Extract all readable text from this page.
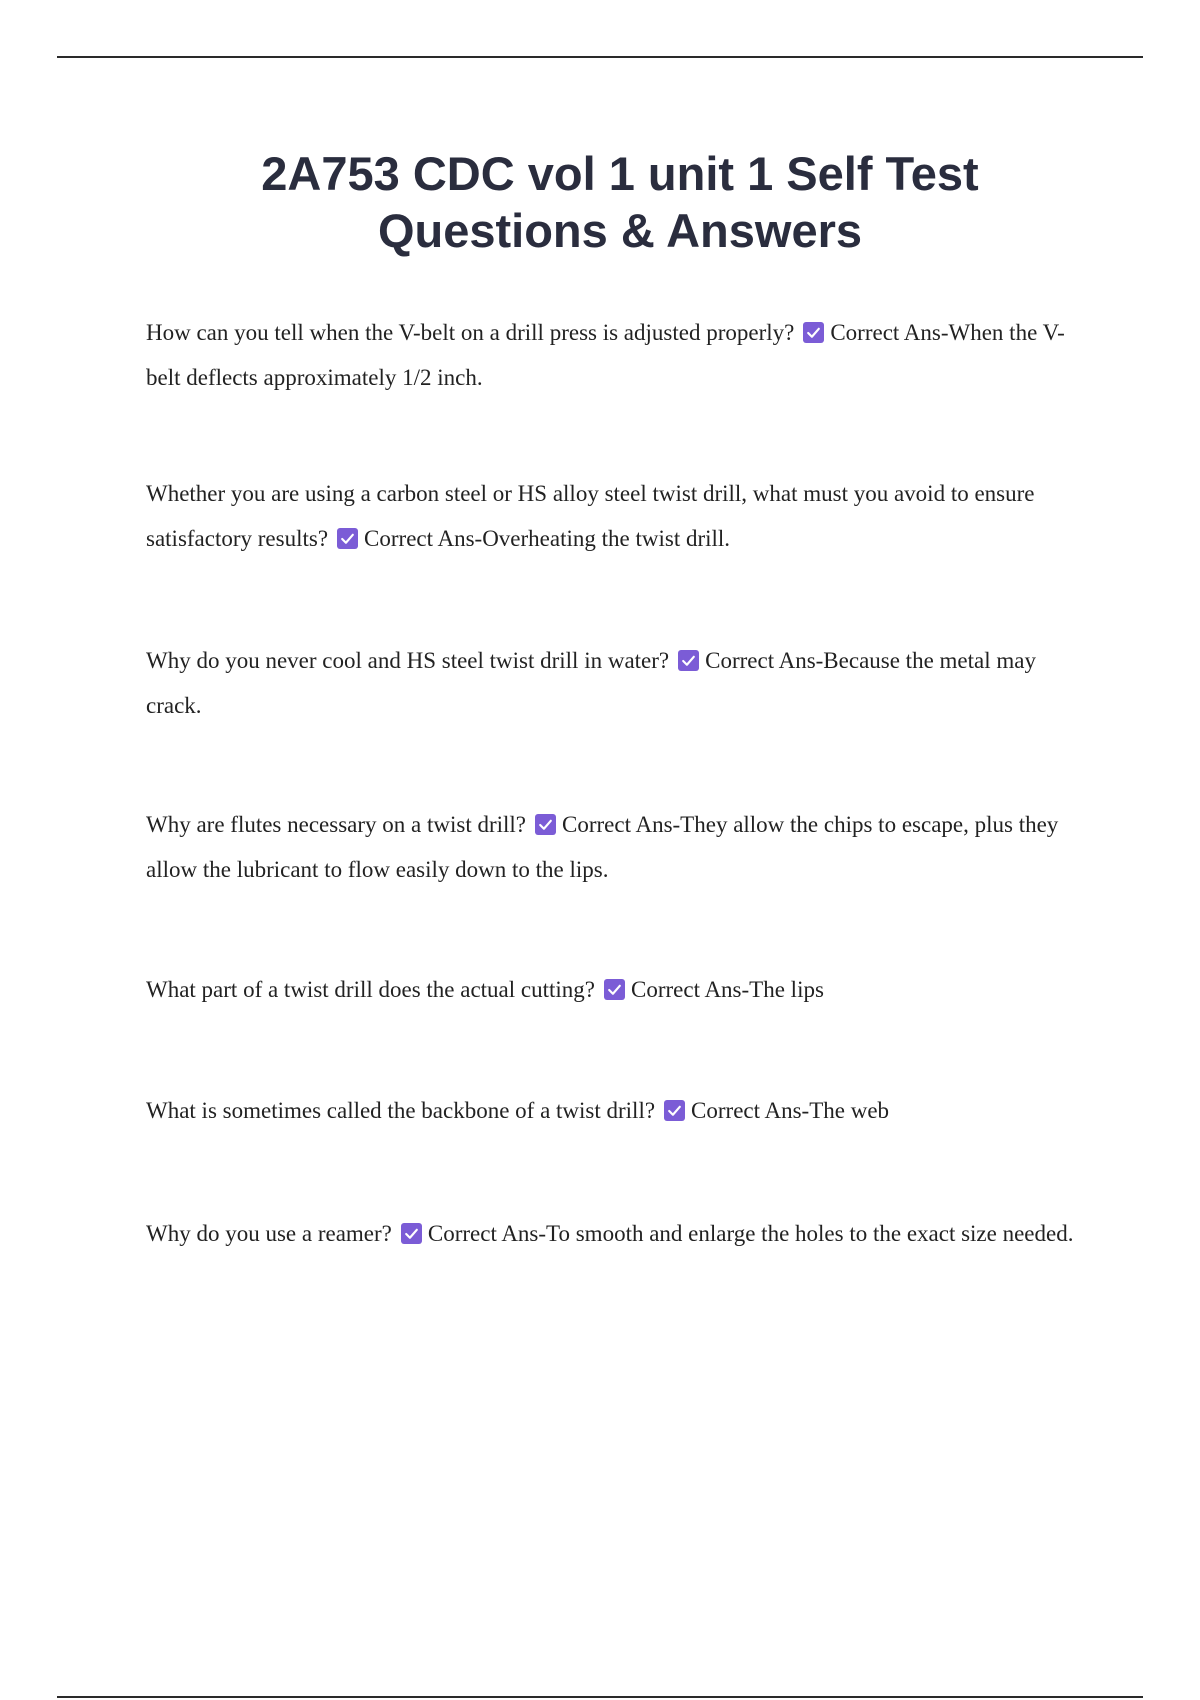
2A753 CDC vol 1 unit 1 Self Test Questions & Answers

How can you tell when the V-belt on a drill press is adjusted properly? Correct Ans-When the V-belt deflects approximately 1/2 inch.

Whether you are using a carbon steel or HS alloy steel twist drill, what must you avoid to ensure satisfactory results? Correct Ans-Overheating the twist drill.

Why do you never cool and HS steel twist drill in water? Correct Ans-Because the metal may crack.

Why are flutes necessary on a twist drill? Correct Ans-They allow the chips to escape, plus they allow the lubricant to flow easily down to the lips.

What part of a twist drill does the actual cutting? Correct Ans-The lips

What is sometimes called the backbone of a twist drill? Correct Ans-The web

Why do you use a reamer? Correct Ans-To smooth and enlarge the holes to the exact size needed.
